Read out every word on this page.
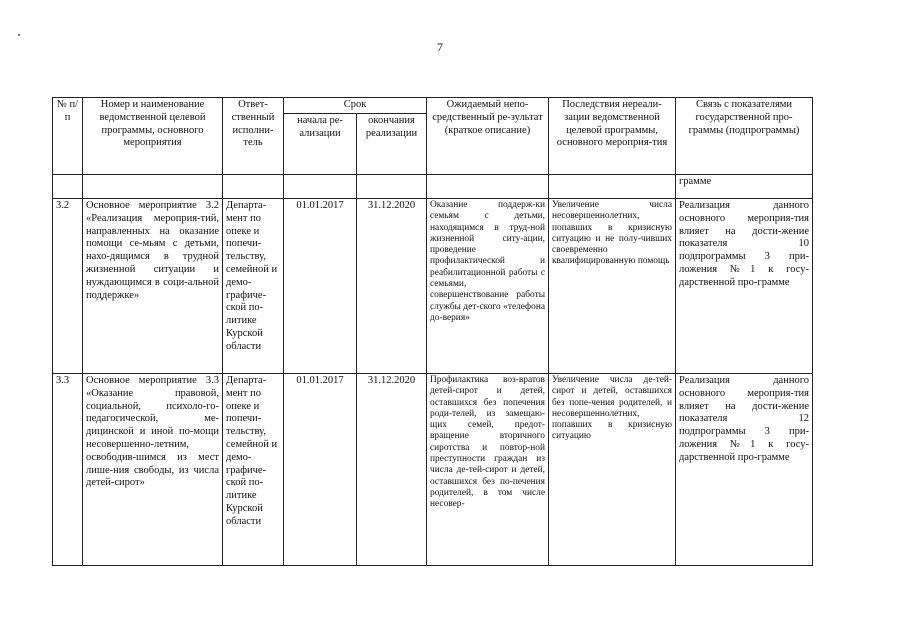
7
№ п/п	Номер и наименование ведомственной целевой программы, основного мероприятия	Ответ-ственный исполни-тель	Срок		Ожидаемый непо-средственный ре-зультат (краткое описание)	Последствия нереали-зации ведомственной целевой программы, основного мероприя-тия	Связь с показателями государственной про-граммы (подпрограммы)
			начала ре-ализации	окончания реализации			
							грамме
3.2	Основное мероприятие 3.2 «Реализация мероприя-тий, направленных на оказание помощи се-мьям с детьми, нахо-дящимся в трудной жизненной ситуации и нуждающимся в соци-альной поддержке»	Департа-мент по опеке и попечи-тельству, семейной и демо-графиче-ской по-литике Курской области	01.01.2017	31.12.2020	Оказание поддерж-ки семьям с детьми, находящимся в труд-ной жизненной ситу-ации, проведение профилактической и реабилитационной работы с семьями, совершенствование работы службы дет-ского «телефона до-верия»	Увеличение числа несовершеннолетних, попавших в кризисную ситуацию и не полу-чивших своевременно квалифицированную помощь	Реализация данного основного мероприя-тия влияет на дости-жение показателя 10 подпрограммы 3 при-ложения №1 к госу-дарственной про-грамме
3.3	Основное мероприятие 3.3 «Оказание правовой, социальной, психоло-го-педагогической, ме-дицинской и иной по-мощи несовершенно-летним, освободив-шимся из мест лише-ния свободы, из числа детей-сирот»	Департа-мент по опеке и попечи-тельству, семейной и демо-графиче-ской по-литике Курской области	01.01.2017	31.12.2020	Профилактика воз-вратов детей-сирот и детей, оставшихся без попечения роди-телей, из замещаю-щих семей, предот-вращение вторичного сиротства и повтор-ной преступности граждан из числа де-тей-сирот и детей, оставшихся без по-печения родителей, в том числе несовер-	Увеличение числа де-тей-сирот и детей, оставшихся без попе-чения родителей, и несовершеннолетних, попавших в кризисную ситуацию	Реализация данного основного мероприя-тия влияет на дости-жение показателя 12 подпрограммы 3 при-ложения №1 к госу-дарственной про-грамме
